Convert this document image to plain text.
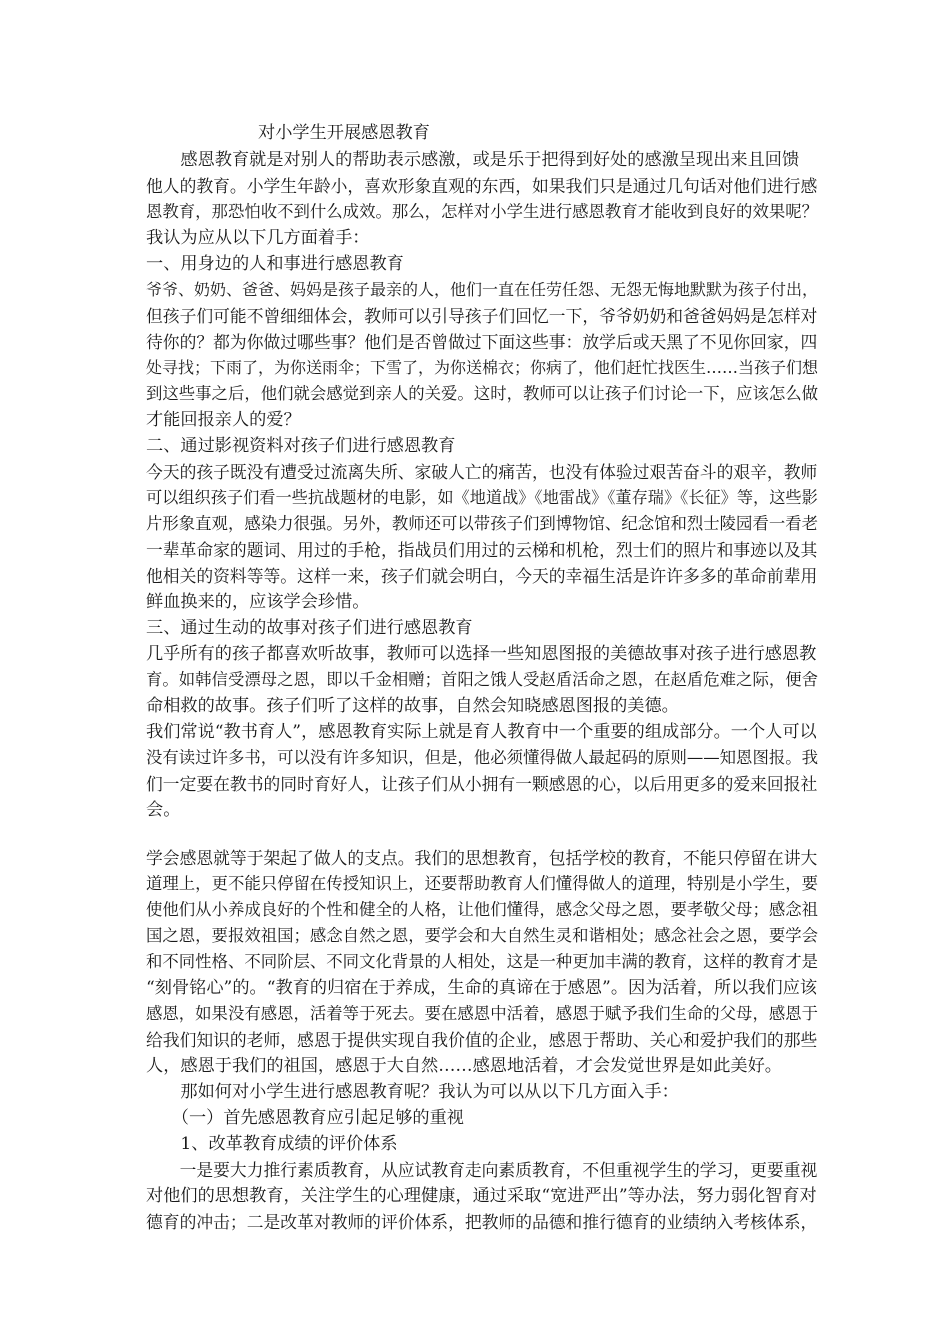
对小学生开展感恩教育
　　感恩教育就是对别人的帮助表示感激，或是乐于把得到好处的感激呈现出来且回馈
他人的教育。小学生年龄小，喜欢形象直观的东西，如果我们只是通过几句话对他们进行感
恩教育，那恐怕收不到什么成效。那么，怎样对小学生进行感恩教育才能收到良好的效果呢？
我认为应从以下几方面着手：
一、用身边的人和事进行感恩教育
爷爷、奶奶、爸爸、妈妈是孩子最亲的人，他们一直在任劳任怨、无怨无悔地默默为孩子付出，
但孩子们可能不曾细细体会，教师可以引导孩子们回忆一下，爷爷奶奶和爸爸妈妈是怎样对
待你的？都为你做过哪些事？他们是否曾做过下面这些事：放学后或天黑了不见你回家，四
处寻找；下雨了，为你送雨伞；下雪了，为你送棉衣；你病了，他们赶忙找医生……当孩子们想
到这些事之后，他们就会感觉到亲人的关爱。这时，教师可以让孩子们讨论一下，应该怎么做
才能回报亲人的爱？
二、通过影视资料对孩子们进行感恩教育
今天的孩子既没有遭受过流离失所、家破人亡的痛苦，也没有体验过艰苦奋斗的艰辛，教师
可以组织孩子们看一些抗战题材的电影，如《地道战》《地雷战》《董存瑞》《长征》等，这些影
片形象直观，感染力很强。另外，教师还可以带孩子们到博物馆、纪念馆和烈士陵园看一看老
一辈革命家的题词、用过的手枪，指战员们用过的云梯和机枪，烈士们的照片和事迹以及其
他相关的资料等等。这样一来，孩子们就会明白，今天的幸福生活是许许多多的革命前辈用
鲜血换来的，应该学会珍惜。
三、通过生动的故事对孩子们进行感恩教育
几乎所有的孩子都喜欢听故事，教师可以选择一些知恩图报的美德故事对孩子进行感恩教
育。如韩信受漂母之恩，即以千金相赠；首阳之饿人受赵盾活命之恩，在赵盾危难之际，便舍
命相救的故事。孩子们听了这样的故事，自然会知晓感恩图报的美德。
我们常说“教书育人”，感恩教育实际上就是育人教育中一个重要的组成部分。一个人可以
没有读过许多书，可以没有许多知识，但是，他必须懂得做人最起码的原则——知恩图报。我
们一定要在教书的同时育好人，让孩子们从小拥有一颗感恩的心，以后用更多的爱来回报社
会。
学会感恩就等于架起了做人的支点。我们的思想教育，包括学校的教育，不能只停留在讲大
道理上，更不能只停留在传授知识上，还要帮助教育人们懂得做人的道理，特别是小学生，要
使他们从小养成良好的个性和健全的人格，让他们懂得，感念父母之恩，要孝敬父母；感念祖
国之恩，要报效祖国；感念自然之恩，要学会和大自然生灵和谐相处；感念社会之恩，要学会
和不同性格、不同阶层、不同文化背景的人相处，这是一种更加丰满的教育，这样的教育才是
“刻骨铭心”的。“教育的归宿在于养成，生命的真谛在于感恩”。因为活着，所以我们应该
感恩，如果没有感恩，活着等于死去。要在感恩中活着，感恩于赋予我们生命的父母，感恩于
给我们知识的老师，感恩于提供实现自我价值的企业，感恩于帮助、关心和爱护我们的那些
人，感恩于我们的祖国，感恩于大自然……感恩地活着，才会发觉世界是如此美好。
　　那如何对小学生进行感恩教育呢？我认为可以从以下几方面入手：
　　（一）首先感恩教育应引起足够的重视
　　1、改革教育成绩的评价体系
　　一是要大力推行素质教育，从应试教育走向素质教育，不但重视学生的学习，更要重视
对他们的思想教育，关注学生的心理健康，通过采取“宽进严出”等办法，努力弱化智育对
德育的冲击；二是改革对教师的评价体系，把教师的品德和推行德育的业绩纳入考核体系，
